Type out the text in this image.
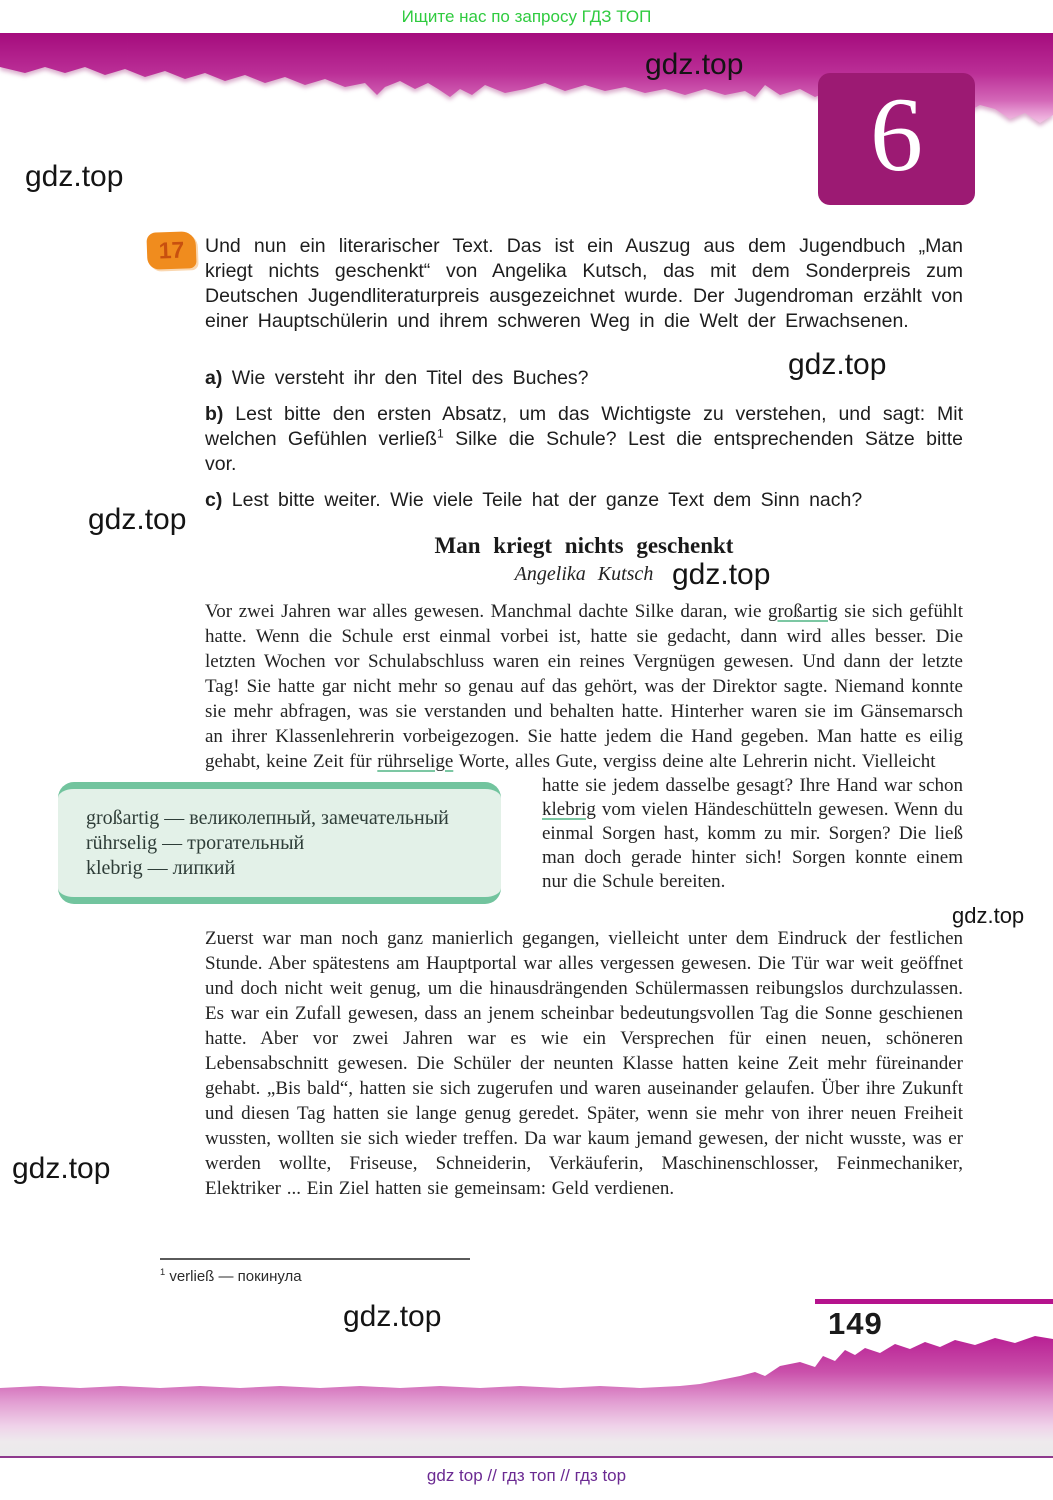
Ищите нас по запросу ГДЗ ТОП
6
gdz.top
gdz.top
gdz.top
gdz.top
gdz.top
gdz.top
gdz.top
gdz.top
17 Und nun ein literarischer Text. Das ist ein Auszug aus dem Jugendbuch „Man kriegt nichts geschenkt“ von Angelika Kutsch, das mit dem Sonderpreis zum Deutschen Jugendliteraturpreis ausgezeichnet wurde. Der Jugendroman erzählt von einer Hauptschülerin und ihrem schweren Weg in die Welt der Erwachsenen.
a) Wie versteht ihr den Titel des Buches?
b) Lest bitte den ersten Absatz, um das Wichtigste zu verstehen, und sagt: Mit welchen Gefühlen verließ$^1$ Silke die Schule? Lest die entsprechenden Sätze bitte vor.
c) Lest bitte weiter. Wie viele Teile hat der ganze Text dem Sinn nach?
Man kriegt nichts geschenkt
Angelika Kutsch
Vor zwei Jahren war alles gewesen. Manchmal dachte Silke daran, wie großartig sie sich gefühlt hatte. Wenn die Schule erst einmal vorbei ist, hatte sie gedacht, dann wird alles besser. Die letzten Wochen vor Schulabschluss waren ein reines Vergnügen gewesen. Und dann der letzte Tag! Sie hatte gar nicht mehr so genau auf das gehört, was der Direktor sagte. Niemand konnte sie mehr abfragen, was sie verstanden und behalten hatte. Hinterher waren sie im Gänsemarsch an ihrer Klassenlehrerin vorbeigezogen. Sie hatte jedem die Hand gegeben. Man hatte es eilig gehabt, keine Zeit für rührselige Worte, alles Gute, vergiss deine alte Lehrerin nicht. Vielleicht
großartig — великолепный, замечательный
rührselig — трогательный
klebrig — липкий
hatte sie jedem dasselbe gesagt? Ihre Hand war schon klebrig vom vielen Händeschütteln gewesen. Wenn du einmal Sorgen hast, komm zu mir. Sorgen? Die ließ man doch gerade hinter sich! Sorgen konnte einem nur die Schule bereiten.
Zuerst war man noch ganz manierlich gegangen, vielleicht unter dem Eindruck der festlichen Stunde. Aber spätestens am Hauptportal war alles vergessen gewesen. Die Tür war weit geöffnet und doch nicht weit genug, um die hinausdrängenden Schülermassen reibungslos durchzulassen. Es war ein Zufall gewesen, dass an jenem scheinbar bedeutungsvollen Tag die Sonne geschienen hatte. Aber vor zwei Jahren war es wie ein Versprechen für einen neuen, schöneren Lebensabschnitt gewesen. Die Schüler der neunten Klasse hatten keine Zeit mehr füreinander gehabt. „Bis bald“, hatten sie sich zugerufen und waren auseinander gelaufen. Über ihre Zukunft und diesen Tag hatten sie lange genug geredet. Später, wenn sie mehr von ihrer neuen Freiheit wussten, wollten sie sich wieder treffen. Da war kaum jemand gewesen, der nicht wusste, was er werden wollte, Friseuse, Schneiderin, Verkäuferin, Maschinenschlosser, Feinmechaniker, Elektriker ... Ein Ziel hatten sie gemeinsam: Geld verdienen.
$^1$ verließ — покинула
149
gdz top // гдз топ // гдз top
